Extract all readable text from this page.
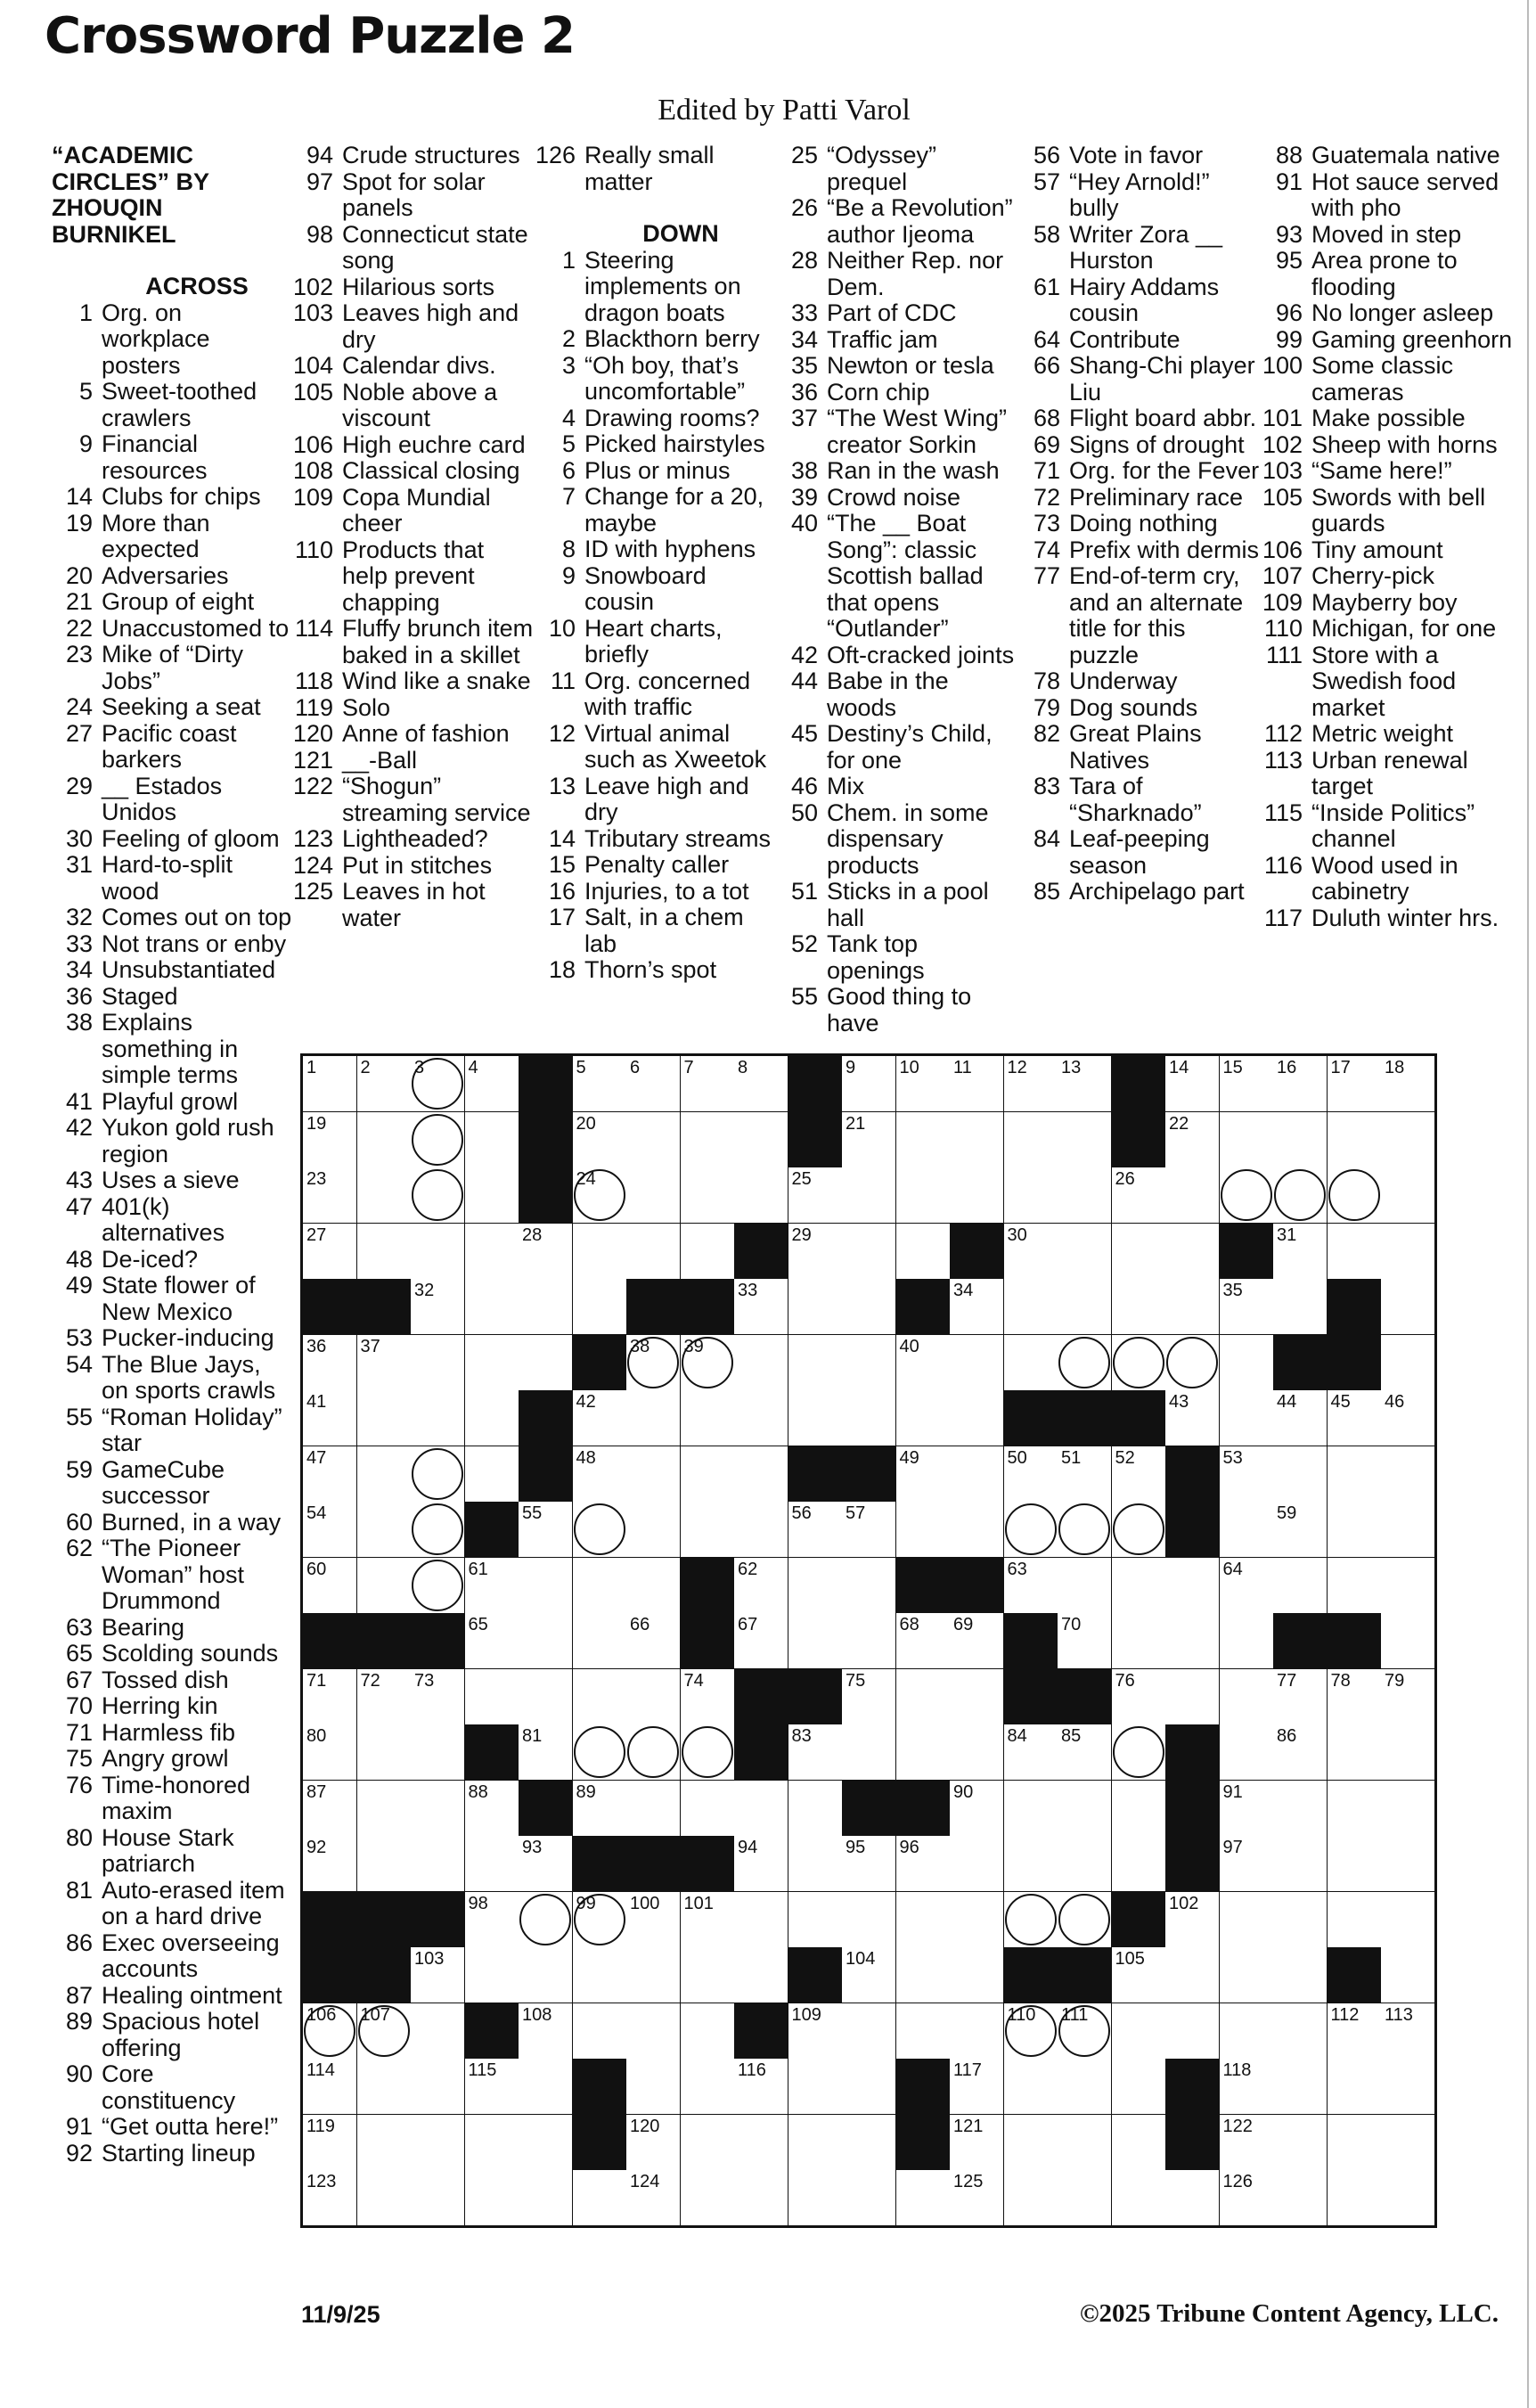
Crossword Puzzle 2
Edited by Patti Varol
“ACADEMIC CIRCLES” BY ZHOUQIN BURNIKEL
ACROSS
1 Org. on workplace posters
5 Sweet-toothed crawlers
9 Financial resources
14 Clubs for chips
19 More than expected
20 Adversaries
21 Group of eight
22 Unaccustomed to
23 Mike of “Dirty Jobs”
24 Seeking a seat
27 Pacific coast barkers
29 __ Estados Unidos
30 Feeling of gloom
31 Hard-to-split wood
32 Comes out on top
33 Not trans or enby
34 Unsubstantiated
36 Staged
38 Explains something in simple terms
41 Playful growl
42 Yukon gold rush region
43 Uses a sieve
47 401(k) alternatives
48 De-iced?
49 State flower of New Mexico
53 Pucker-inducing
54 The Blue Jays, on sports crawls
55 “Roman Holiday” star
59 GameCube successor
60 Burned, in a way
62 “The Pioneer Woman” host Drummond
63 Bearing
65 Scolding sounds
67 Tossed dish
70 Herring kin
71 Harmless fib
75 Angry growl
76 Time-honored maxim
80 House Stark patriarch
81 Auto-erased item on a hard drive
86 Exec overseeing accounts
87 Healing ointment
89 Spacious hotel offering
90 Core constituency
91 “Get outta here!”
92 Starting lineup
94 Crude structures
97 Spot for solar panels
98 Connecticut state song
102 Hilarious sorts
103 Leaves high and dry
104 Calendar divs.
105 Noble above a viscount
106 High euchre card
108 Classical closing
109 Copa Mundial cheer
110 Products that help prevent chapping
114 Fluffy brunch item baked in a skillet
118 Wind like a snake
119 Solo
120 Anne of fashion
121 __-Ball
122 “Shogun” streaming service
123 Lightheaded?
124 Put in stitches
125 Leaves in hot water
126 Really small matter
DOWN
1 Steering implements on dragon boats
2 Blackthorn berry
3 “Oh boy, that’s uncomfortable”
4 Drawing rooms?
5 Picked hairstyles
6 Plus or minus
7 Change for a 20, maybe
8 ID with hyphens
9 Snowboard cousin
10 Heart charts, briefly
11 Org. concerned with traffic
12 Virtual animal such as Xweetok
13 Leave high and dry
14 Tributary streams
15 Penalty caller
16 Injuries, to a tot
17 Salt, in a chem lab
18 Thorn’s spot
25 “Odyssey” prequel
26 “Be a Revolution” author Ijeoma
28 Neither Rep. nor Dem.
33 Part of CDC
34 Traffic jam
35 Newton or tesla
36 Corn chip
37 “The West Wing” creator Sorkin
38 Ran in the wash
39 Crowd noise
40 “The __ Boat Song”: classic Scottish ballad that opens “Outlander”
42 Oft-cracked joints
44 Babe in the woods
45 Destiny’s Child, for one
46 Mix
50 Chem. in some dispensary products
51 Sticks in a pool hall
52 Tank top openings
55 Good thing to have
56 Vote in favor
57 “Hey Arnold!” bully
58 Writer Zora __ Hurston
61 Hairy Addams cousin
64 Contribute
66 Shang-Chi player Liu
68 Flight board abbr.
69 Signs of drought
71 Org. for the Fever
72 Preliminary race
73 Doing nothing
74 Prefix with dermis
77 End-of-term cry, and an alternate title for this puzzle
78 Underway
79 Dog sounds
82 Great Plains Natives
83 Tara of “Sharknado”
84 Leaf-peeping season
85 Archipelago part
88 Guatemala native
91 Hot sauce served with pho
93 Moved in step
95 Area prone to flooding
96 No longer asleep
99 Gaming greenhorn
100 Some classic cameras
101 Make possible
102 Sheep with horns
103 “Same here!”
105 Swords with bell guards
106 Tiny amount
107 Cherry-pick
109 Mayberry boy
110 Michigan, for one
111 Store with a Swedish food market
112 Metric weight
113 Urban renewal target
115 “Inside Politics” channel
116 Wood used in cabinetry
117 Duluth winter hrs.
1 2 3 4	5 6 7 8	9 10 11 12 13	14 15 16 17 18
19	20	21	22
23	24	25	26
27	28	29	30	31
32	33	34	35
36 37	38 39	40
41	42	43	44 45 46
47	48	49	50 51 52	53
54	55	56 57	59
60	61	62	63	64
65	66	67	68 69	70
71 72 73	74	75	76	77 78 79
80	81	83	84 85	86
87	88	89	90	91
92	93	94	95 96	97
98	99 100 101	102
103	104	105
106 107	108	109	110 111	112 113
114	115	116	117	118
119	120	121	122
123	124	125	126
11/9/25	©2025 Tribune Content Agency, LLC.
